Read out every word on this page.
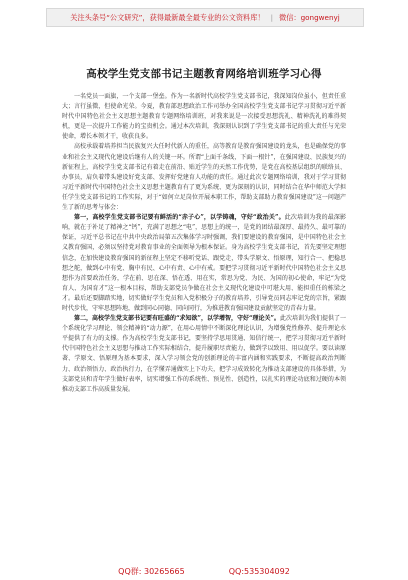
关注头条号“公文研究”，获得最新最全最专业的公文资料库！ | 微信：gongwenyj
高校学生党支部书记主题教育网络培训班学习心得

一名党员一面旗，一个支部一堡垒。作为一名新时代高校学生党支部书记，我深知岗位虽小，但责任重大；言行虽微，但使命光荣。今夏，教育部思想政治工作司举办全国高校学生党支部书记学习贯彻习近平新时代中国特色社会主义思想主题教育专题网络培训班，对我来说是一次接受思想洗礼、精神洗礼的难得契机，更是一次提升工作能力的宝贵机会。通过本次培训，我深刻认识到了学生党支部书记的重大责任与光荣使命，增长本领才干，收获良多。

高校承载着培养担当民族复兴大任时代新人的重任，高等教育是教育强国建设的龙头，也是确保党的事业和社会主义现代化建设后继有人的关键一环。所谓“上面千条线，下面一根针”，在强国建设、民族复兴的新征程上，高校学生党支部书记有着走在前沿、贴近学生的天然工作优势，是党在高校基层组织的联络员、办事员，肩负着带头建设好党支部、发挥好党建育人功能的责任。通过此次专题网络培训，我对于学习贯彻习近平新时代中国特色社会主义思想主题教育有了更为系统、更为深刻的认识，同时结合在华中师范大学担任学生党支部书记的工作实际，对于“如何立足岗位开展本职工作，帮助支部助力教育强国建设”这一问题产生了新的思考与体会：

第一，高校学生党支部书记要有鲜活的“赤子心”，以学铸魂，守好“政治关”。此次培训为我的最深影响，就在于补足了精神之“钙”，充满了思想之“电”，思想上的统一，是党的团结最深厚、最持久、最可靠的保证，习近平总书记在中共中央政治局第五次集体学习时强调，我们要建设的教育强国，是中国特色社会主义教育强国，必须以坚持党对教育事业的全面领导为根本保证。身为高校学生党支部书记，首先要坚定理想信念，在加快建设教育强国的新征程上坚定不移听党话、跟党走，带头学原文、悟原理，知行合一、把稳思想之舵，做到心中有党、胸中有民、心中有责、心中有戒。要把学习贯彻习近平新时代中国特色社会主义思想作为首要政治任务，学在前、思在深、悟在透、用在实，常思为党、为民、为国的初心使命，牢记“为党育人、为国育才”这一根本目标，帮助支部党员争做在社会主义现代化建设中可堪大用、能担重任的栋梁之才。最后还要脚踏实地，切实做好学生党员和入党积极分子的教育培养，引导党员同志牢记党的宗旨，紧跟时代步伐，守牢思想阵地，做到同心同德、同向同行，为推进教育强国建设贡献坚定的青春力量。

第二，高校学生党支部书记要有旺盛的“求知欲”，以学增智，守好“理论关”。此次培训为我们提供了一个系统化学习理论、领会精神的“动力源”，在用心用情中不断深化理论认识，为增强党性修养、提升理论水平提供了有力的支撑。作为高校学生党支部书记，要坚持学思用贯通、知信行统一，把学习贯彻习近平新时代中国特色社会主义思想与推动工作实际相结合，提升履职尽责能力，做到学以致用、用以促学。要以读原著、学原文、悟原理为基本要求，深入学习领会党的创新理论的丰富内涵和实践要求，不断提高政治判断力、政治领悟力、政治执行力，在学懂弄通做实上下功夫，把学习成效转化为推动支部建设的具体举措，为支部党员和青年学生做好表率，切实增强工作的系统性、预见性、创造性，以扎实的理论功底和过硬的本领推动支部工作高质量发展。

QQ群: 30265665	QQ:535304092
